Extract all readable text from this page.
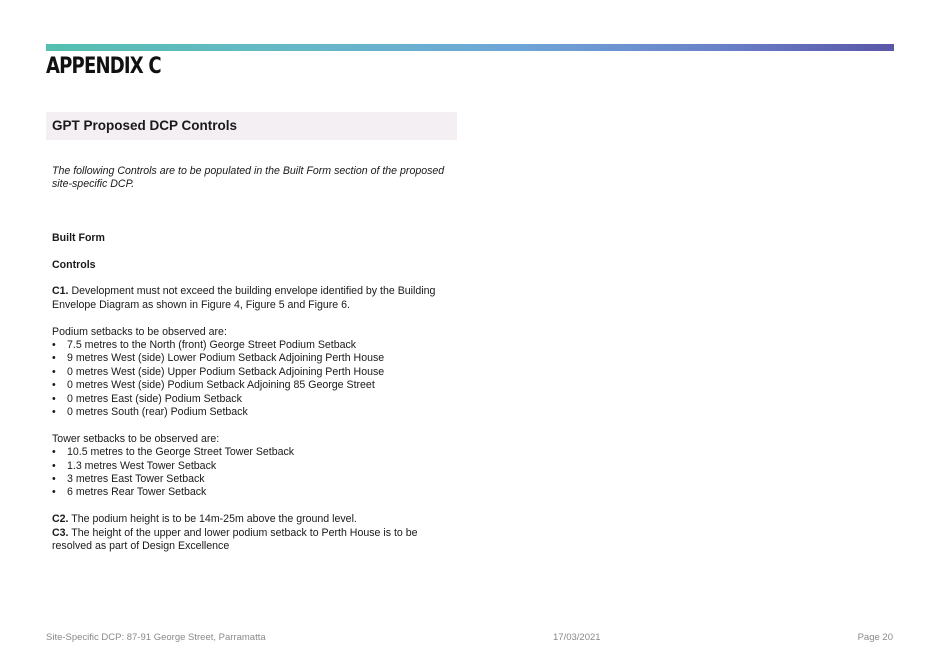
APPENDIX C
GPT Proposed DCP Controls

The following Controls are to be populated in the Built Form section of the proposed site-specific DCP.

Built Form

Controls

C1. Development must not exceed the building envelope identified by the Building Envelope Diagram as shown in Figure 4, Figure 5 and Figure 6.

Podium setbacks to be observed are:

• 7.5 metres to the North (front) George Street Podium Setback
• 9 metres West (side) Lower Podium Setback Adjoining Perth House
• 0 metres West (side) Upper Podium Setback Adjoining Perth House
• 0 metres West (side) Podium Setback Adjoining 85 George Street
• 0 metres East (side) Podium Setback
• 0 metres South (rear) Podium Setback

Tower setbacks to be observed are:

• 10.5 metres to the George Street Tower Setback
• 1.3 metres West Tower Setback
• 3 metres East Tower Setback
• 6 metres Rear Tower Setback

C2. The podium height is to be 14m-25m above the ground level.

C3. The height of the upper and lower podium setback to Perth House is to be resolved as part of Design Excellence

Site-Specific DCP: 87-91 George Street, Parramatta	17/03/2021	Page 20
